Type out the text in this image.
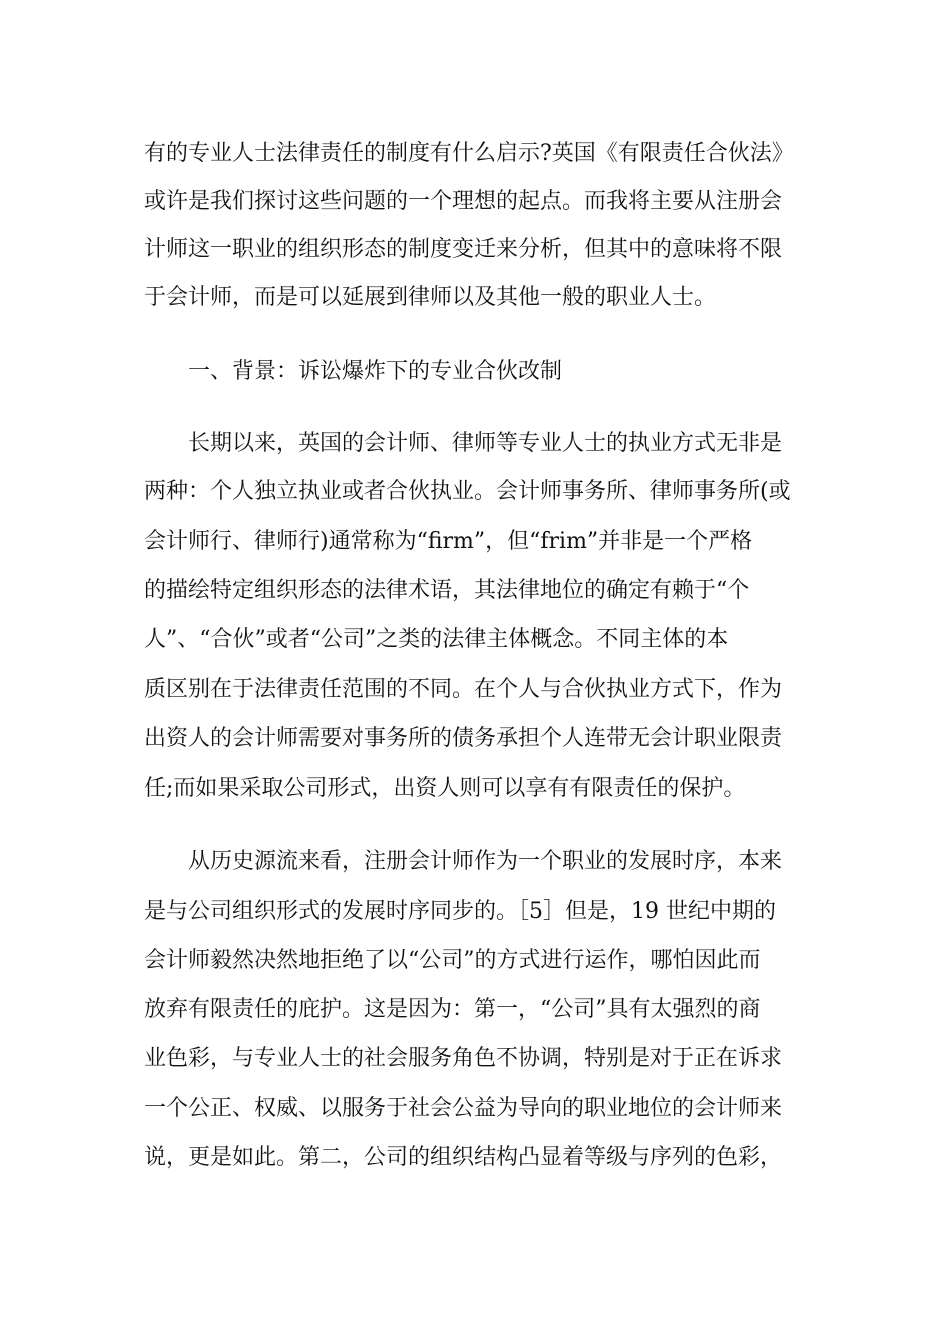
有的专业人士法律责任的制度有什么启示?英国《有限责任合伙法》
或许是我们探讨这些问题的一个理想的起点。而我将主要从注册会
计师这一职业的组织形态的制度变迁来分析，但其中的意味将不限
于会计师，而是可以延展到律师以及其他一般的职业人士。
一、背景：诉讼爆炸下的专业合伙改制
长期以来，英国的会计师、律师等专业人士的执业方式无非是
两种：个人独立执业或者合伙执业。会计师事务所、律师事务所(或
会计师行、律师行)通常称为“firm”，但“frim”并非是一个严格
的描绘特定组织形态的法律术语，其法律地位的确定有赖于“个
人”、“合伙”或者“公司”之类的法律主体概念。不同主体的本
质区别在于法律责任范围的不同。在个人与合伙执业方式下，作为
出资人的会计师需要对事务所的债务承担个人连带无会计职业限责
任;而如果采取公司形式，出资人则可以享有有限责任的保护。
从历史源流来看，注册会计师作为一个职业的发展时序，本来
是与公司组织形式的发展时序同步的。［5］但是，19 世纪中期的
会计师毅然决然地拒绝了以“公司”的方式进行运作，哪怕因此而
放弃有限责任的庇护。这是因为：第一，“公司”具有太强烈的商
业色彩，与专业人士的社会服务角色不协调，特别是对于正在诉求
一个公正、权威、以服务于社会公益为导向的职业地位的会计师来
说，更是如此。第二，公司的组织结构凸显着等级与序列的色彩，
